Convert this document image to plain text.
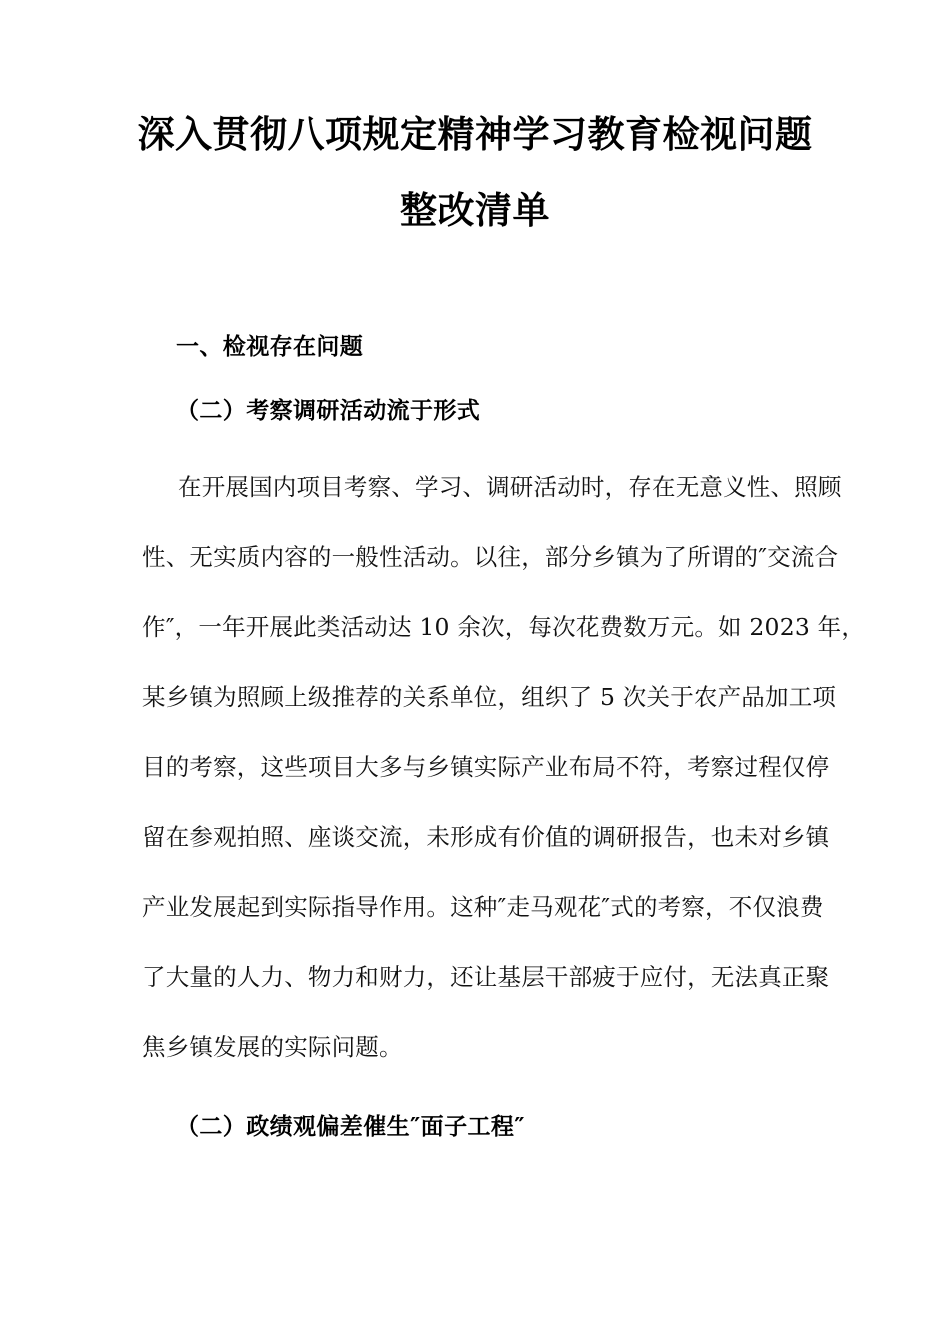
深入贯彻八项规定精神学习教育检视问题
整改清单
一、检视存在问题
（二）考察调研活动流于形式
在开展国内项目考察、学习、调研活动时，存在无意义性、照顾
性、无实质内容的一般性活动。以往，部分乡镇为了所谓的″交流合
作″，一年开展此类活动达 10 余次，每次花费数万元。如 2023 年，
某乡镇为照顾上级推荐的关系单位，组织了 5 次关于农产品加工项
目的考察，这些项目大多与乡镇实际产业布局不符，考察过程仅停
留在参观拍照、座谈交流，未形成有价值的调研报告，也未对乡镇
产业发展起到实际指导作用。这种″走马观花″式的考察，不仅浪费
了大量的人力、物力和财力，还让基层干部疲于应付，无法真正聚
焦乡镇发展的实际问题。
（二）政绩观偏差催生″面子工程″
